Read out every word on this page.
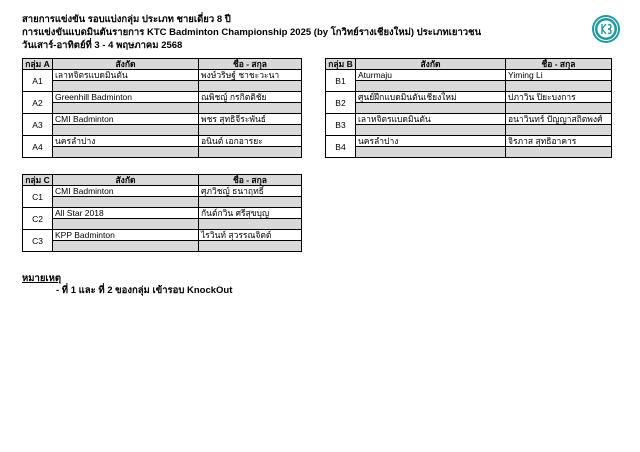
สายการแข่งขัน รอบแบ่งกลุ่ม ประเภท ชายเดี่ยว 8 ปี
การแข่งขันแบดมินตันรายการ KTC Badminton Championship 2025 (by โกวิทย์รางเชียงใหม่) ประเภทเยาวชน
วันเสาร์-อาทิตย์ที่ 3 - 4 พฤษภาคม 2568
กลุ่ม A	สังกัด	ชื่อ - สกุล
A1	เลาหจิตรแบดมินตัน	พงษ์วริษฐ์ ชาชะวะนา

A2	Greenhill Badminton	ณพิชญ์ กรกิตติชัย

A3	CMI Badminton	พชร สุทธิจีระพันธ์

A4	นครลำปาง	อนินต์ เอกอารยะ

กลุ่ม B	สังกัด	ชื่อ - สกุล
B1	Aturmaju	Yiming Li

B2	ศูนย์ฝึกแบดมินตันเชียงใหม่	ปภาวิน ปิยะบงการ

B3	เลาหจิตรแบดมินตัน	อนาวินทร์ ปัญญาสถิตพงศ์

B4	นครลำปาง	จิรภาส สุทธิอาคาร

กลุ่ม C	สังกัด	ชื่อ - สกุล
C1	CMI Badminton	ศุภวิชญ์ ธนาฤทธิ์

C2	All Star 2018	กันต์กวิน ศรีสุขบุญ

C3	KPP Badminton	ไรวินท์ สุวรรณจิตต์

หมายเหตุ
- ที่ 1 และ ที่ 2 ของกลุ่ม เข้ารอบ KnockOut
